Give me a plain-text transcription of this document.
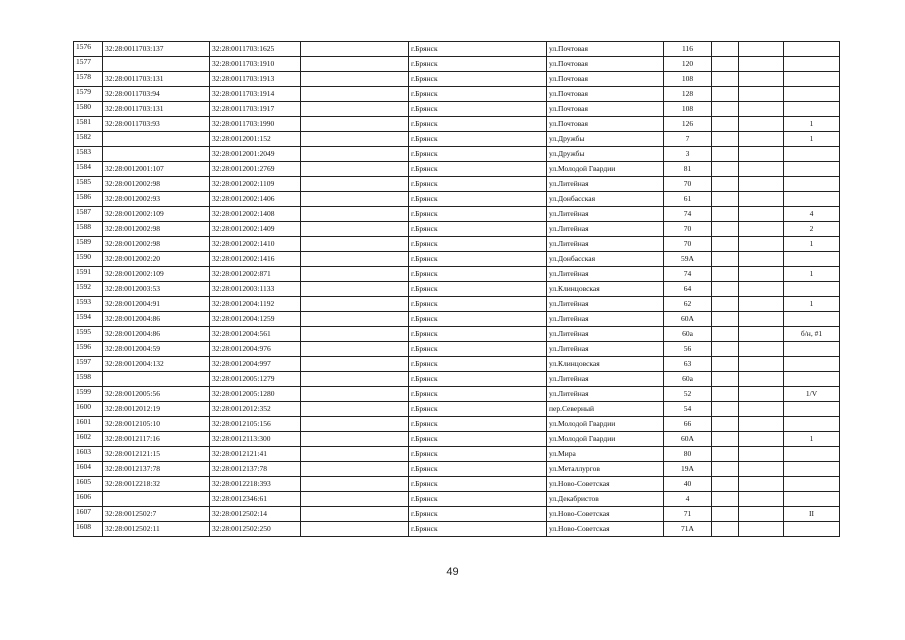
1576	32:28:0011703:137	32:28:0011703:1625		г.Брянск	ул.Почтовая	116			
1577		32:28:0011703:1910		г.Брянск	ул.Почтовая	120			
1578	32:28:0011703:131	32:28:0011703:1913		г.Брянск	ул.Почтовая	108			
1579	32:28:0011703:94	32:28:0011703:1914		г.Брянск	ул.Почтовая	128			
1580	32:28:0011703:131	32:28:0011703:1917		г.Брянск	ул.Почтовая	108			
1581	32:28:0011703:93	32:28:0011703:1990		г.Брянск	ул.Почтовая	126			1
1582		32:28:0012001:152		г.Брянск	ул.Дружбы	7			1
1583		32:28:0012001:2049		г.Брянск	ул.Дружбы	3			
1584	32:28:0012001:107	32:28:0012001:2769		г.Брянск	ул.Молодой Гвардии	81			
1585	32:28:0012002:98	32:28:0012002:1109		г.Брянск	ул.Литейная	70			
1586	32:28:0012002:93	32:28:0012002:1406		г.Брянск	ул.Донбасская	61			
1587	32:28:0012002:109	32:28:0012002:1408		г.Брянск	ул.Литейная	74			4
1588	32:28:0012002:98	32:28:0012002:1409		г.Брянск	ул.Литейная	70			2
1589	32:28:0012002:98	32:28:0012002:1410		г.Брянск	ул.Литейная	70			1
1590	32:28:0012002:20	32:28:0012002:1416		г.Брянск	ул.Донбасская	59А			
1591	32:28:0012002:109	32:28:0012002:871		г.Брянск	ул.Литейная	74			1
1592	32:28:0012003:53	32:28:0012003:1133		г.Брянск	ул.Клинцовская	64			
1593	32:28:0012004:91	32:28:0012004:1192		г.Брянск	ул.Литейная	62			1
1594	32:28:0012004:86	32:28:0012004:1259		г.Брянск	ул.Литейная	60А			
1595	32:28:0012004:86	32:28:0012004:561		г.Брянск	ул.Литейная	60а			б/н, #1
1596	32:28:0012004:59	32:28:0012004:976		г.Брянск	ул.Литейная	56			
1597	32:28:0012004:132	32:28:0012004:997		г.Брянск	ул.Клинцовская	63			
1598		32:28:0012005:1279		г.Брянск	ул.Литейная	60а			
1599	32:28:0012005:56	32:28:0012005:1280		г.Брянск	ул.Литейная	52			1/V
1600	32:28:0012012:19	32:28:0012012:352		г.Брянск	пер.Северный	54			
1601	32:28:0012105:10	32:28:0012105:156		г.Брянск	ул.Молодой Гвардии	66			
1602	32:28:0012117:16	32:28:0012113:300		г.Брянск	ул.Молодой Гвардии	60А			1
1603	32:28:0012121:15	32:28:0012121:41		г.Брянск	ул.Мира	80			
1604	32:28:0012137:78	32:28:0012137:78		г.Брянск	ул.Металлургов	19А			
1605	32:28:0012218:32	32:28:0012218:393		г.Брянск	ул.Ново-Советская	40			
1606		32:28:0012346:61		г.Брянск	ул.Декабристов	4			
1607	32:28:0012502:7	32:28:0012502:14		г.Брянск	ул.Ново-Советская	71			II
1608	32:28:0012502:11	32:28:0012502:250		г.Брянск	ул.Ново-Советская	71А			
49
